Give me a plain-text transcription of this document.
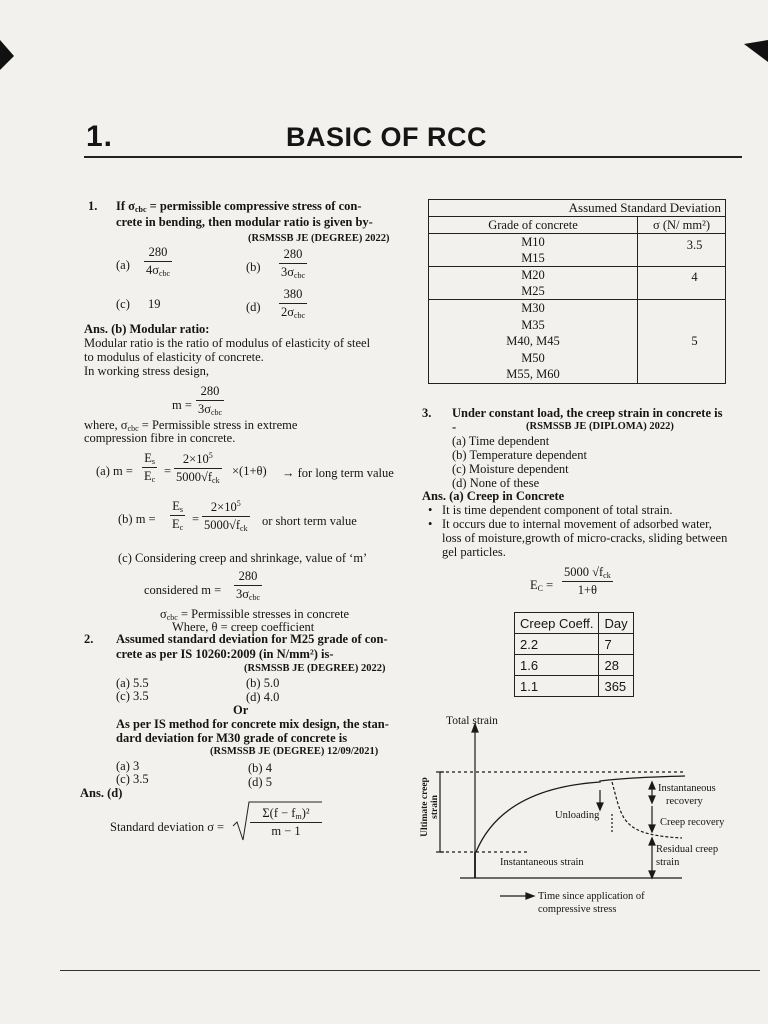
1.	BASIC OF RCC
1. If $\sigma_{cbc}$ = permissible compressive stress of con-
crete in bending, then modular ratio is given by-
(RSMSSB JE (DEGREE) 2022)
(a)
280
$4\sigma_{cbc}$	(b)
280
$3\sigma_{cbc}$
(c) 19	(d)
380
$2\sigma_{cbc}$
Ans. (b) Modular ratio:
Modular ratio is the ratio of modulus of elasticity of steel
to modulus of elasticity of concrete.
In working stress design,
m =
280
$3\sigma_{cbc}$
where, $\sigma_{cbc}$ = Permissible stress in extreme
compression fibre in concrete.
(a) $m = \frac{E_s}{E_c}$ =
$2\times 10^5$
$5000√f_{ck}$
×(1+θ) → for long term value
(b) $m = \frac{E_s}{E_c}$ =
$2\times 10^5$
$5000√f_{ck}$
or short term value
(c) Considering creep and shrinkage, value of ‘m’
considered m =
280
$3\sigma_{cbc}$
$\sigma_{cbc}$ = Permissible stresses in concrete
Where, θ = creep coefficient
2. Assumed standard deviation for M25 grade of con-
crete as per IS 10260:2009 (in N/mm²) is-
(RSMSSB JE (DEGREE) 2022)
(a) 5.5	(b) 5.0
(c) 3.5	(d) 4.0
Or
As per IS method for concrete mix design, the stan-
dard deviation for M30 grade of concrete is
(RSMSSB JE (DEGREE) 12/09/2021)
(a) 3	(b) 4
(c) 3.5	(d) 5
Ans. (d)
Standard deviation $\sigma = \frac{\Sigma(f - f_m)^2}{m - 1}$

	Assumed Standard Deviation

Grade of concrete	σ (N/ mm²)

M10
M15	3.5

M20
M25	4

M30
M35
M40, M45
M50
M55, M60	5
3. Under constant load, the creep strain in concrete is
-	(RSMSSB JE (DIPLOMA) 2022)
(a) Time dependent
(b) Temperature dependent
(c) Moisture dependent
(d) None of these
Ans. (a) Creep in Concrete
• It is time dependent component of total strain.
• It occurs due to internal movement of adsorbed water,
loss of moisture,growth of micro-cracks, sliding between
gel particles.
$E_C$ =
5000 $√f_{ck}$
1+θ
Creep Coeff.	Day
2.2	7
1.6	28
1.1	365
Total strain
Ultimate creep strain
Instantaneous
recovery
Unloading
Creep recovery
Residual creep
strain
Instantaneous strain
Time since application of
compressive stress
